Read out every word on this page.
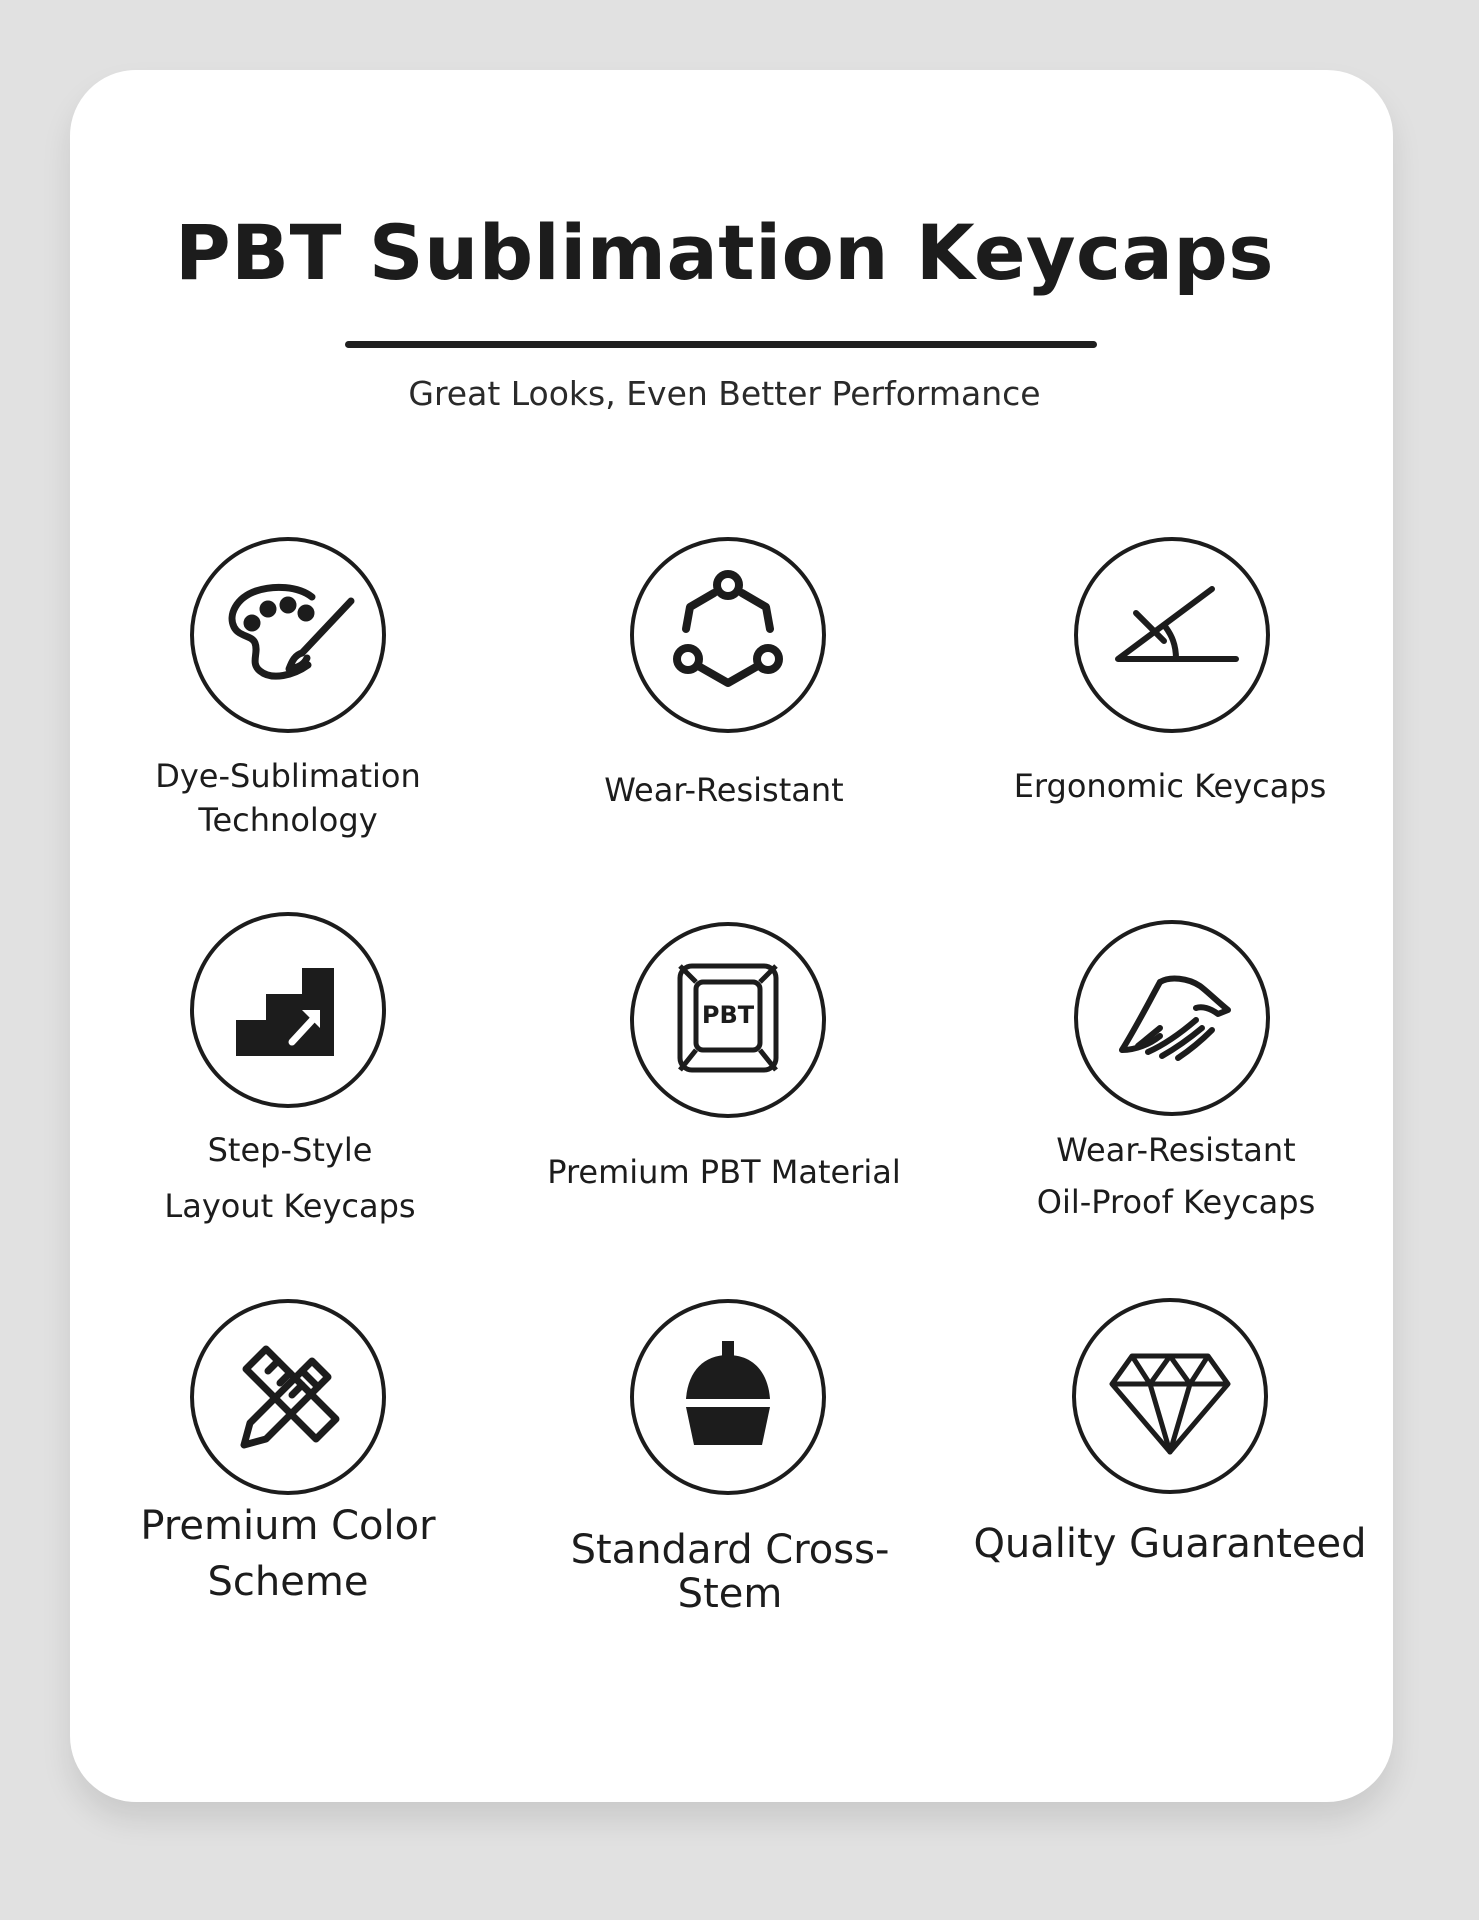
PBT Sublimation Keycaps
Great Looks, Even Better Performance
Dye-Sublimation
Technology
Wear-Resistant	Ergonomic Keycaps
Step-Style
Layout Keycaps
PBT
Premium PBT Material
Wear-Resistant
Oil-Proof Keycaps
Premium Color
Scheme
Standard Cross-Stem
Quality Guaranteed
